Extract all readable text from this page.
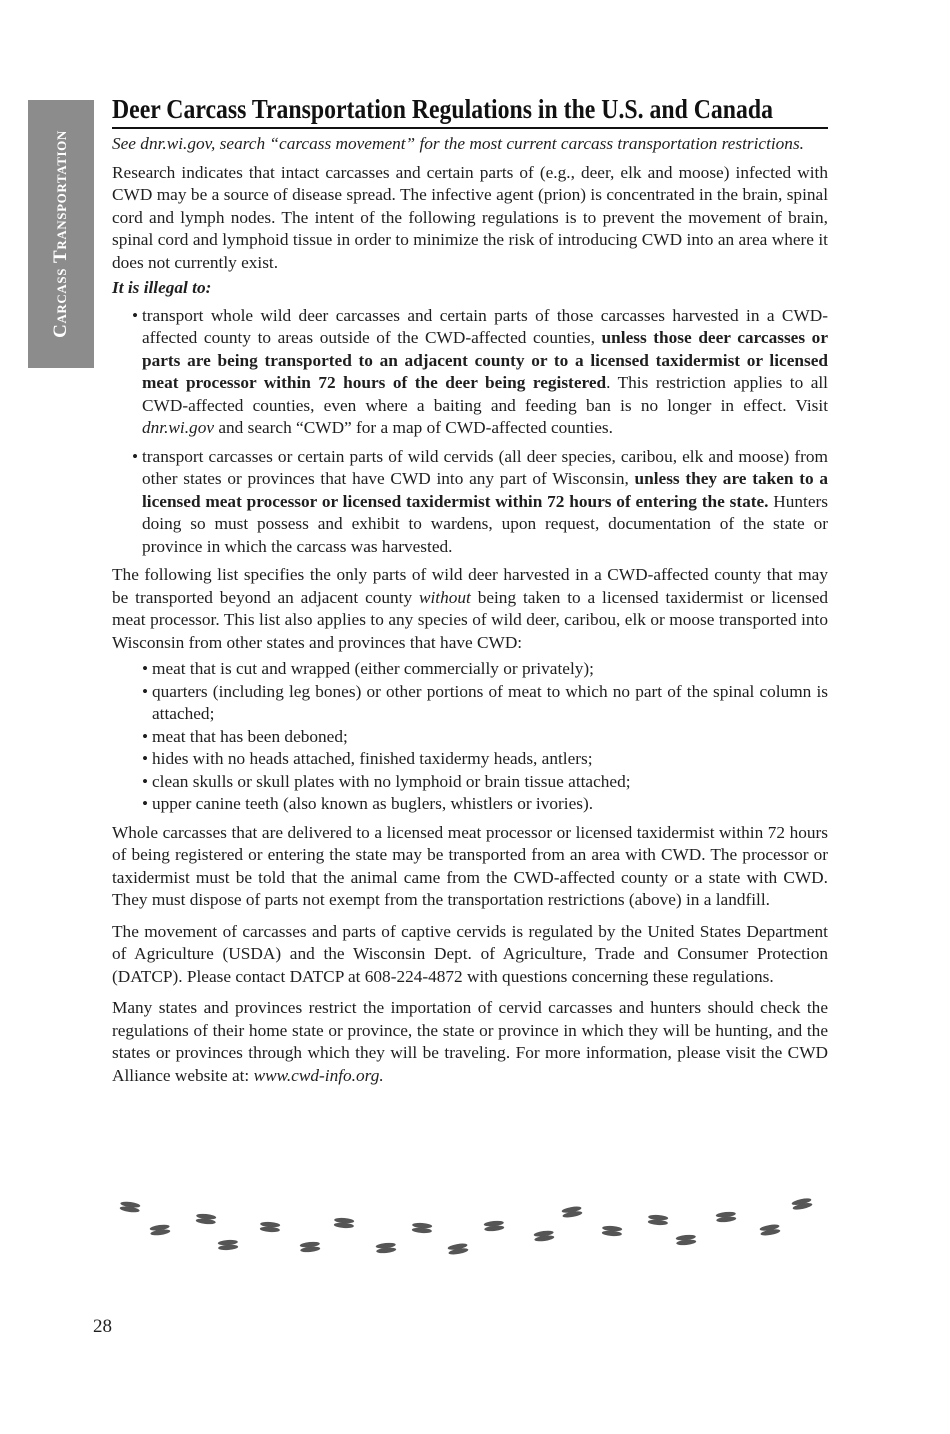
Carcass Transportation
Deer Carcass Transportation Regulations in the U.S. and Canada

See dnr.wi.gov, search “carcass movement” for the most current carcass transportation restrictions.

Research indicates that intact carcasses and certain parts of (e.g., deer, elk and moose) infected with CWD may be a source of disease spread. The infective agent (prion) is concentrated in the brain, spinal cord and lymph nodes. The intent of the following regulations is to prevent the movement of brain, spinal cord and lymphoid tissue in order to minimize the risk of introducing CWD into an area where it does not currently exist.

It is illegal to:

• transport whole wild deer carcasses and certain parts of those carcasses harvested in a CWD-affected county to areas outside of the CWD-affected counties, unless those deer carcasses or parts are being transported to an adjacent county or to a licensed taxidermist or licensed meat processor within 72 hours of the deer being registered. This restriction applies to all CWD-affected counties, even where a baiting and feeding ban is no longer in effect. Visit dnr.wi.gov and search “CWD” for a map of CWD-affected counties.
• transport carcasses or certain parts of wild cervids (all deer species, caribou, elk and moose) from other states or provinces that have CWD into any part of Wisconsin, unless they are taken to a licensed meat processor or licensed taxidermist within 72 hours of entering the state. Hunters doing so must possess and exhibit to wardens, upon request, documentation of the state or province in which the carcass was harvested.

The following list specifies the only parts of wild deer harvested in a CWD-affected county that may be transported beyond an adjacent county without being taken to a licensed taxidermist or licensed meat processor. This list also applies to any species of wild deer, caribou, elk or moose transported into Wisconsin from other states and provinces that have CWD:

• meat that is cut and wrapped (either commercially or privately);
• quarters (including leg bones) or other portions of meat to which no part of the spinal column is attached;
• meat that has been deboned;
• hides with no heads attached, finished taxidermy heads, antlers;
• clean skulls or skull plates with no lymphoid or brain tissue attached;
• upper canine teeth (also known as buglers, whistlers or ivories).

Whole carcasses that are delivered to a licensed meat processor or licensed taxidermist within 72 hours of being registered or entering the state may be transported from an area with CWD. The processor or taxidermist must be told that the animal came from the CWD-affected county or a state with CWD. They must dispose of parts not exempt from the transportation restrictions (above) in a landfill.

The movement of carcasses and parts of captive cervids is regulated by the United States Department of Agriculture (USDA) and the Wisconsin Dept. of Agriculture, Trade and Consumer Protection (DATCP). Please contact DATCP at 608-224-4872 with questions concerning these regulations.

Many states and provinces restrict the importation of cervid carcasses and hunters should check the regulations of their home state or province, the state or province in which they will be hunting, and the states or provinces through which they will be traveling. For more information, please visit the CWD Alliance website at: www.cwd-info.org.

28
